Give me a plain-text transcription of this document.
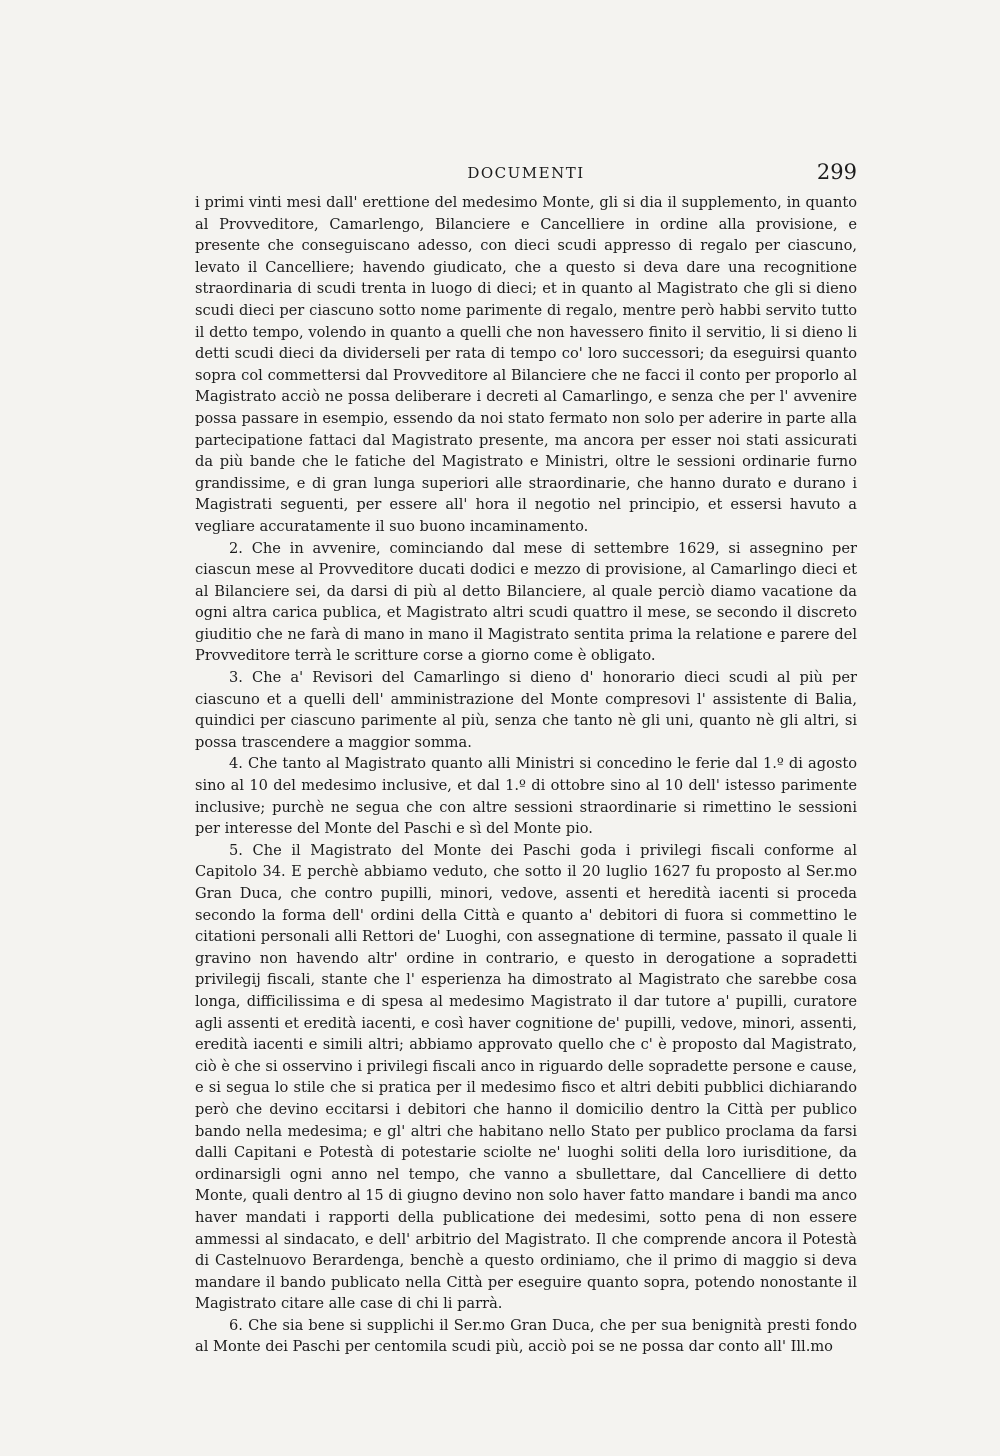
DOCUMENTI	299

i primi vinti mesi dall' erettione del medesimo Monte, gli si dia il supplemento, in quanto al Provveditore, Camarlengo, Bilanciere e Cancelliere in ordine alla provisione, e presente che conseguiscano adesso, con dieci scudi appresso di regalo per ciascuno, levato il Cancelliere; havendo giudicato, che a questo si deva dare una recognitione straordinaria di scudi trenta in luogo di dieci; et in quanto al Magistrato che gli si dieno scudi dieci per ciascuno sotto nome parimente di regalo, mentre però habbi servito tutto il detto tempo, volendo in quanto a quelli che non havessero finito il servitio, li si dieno li detti scudi dieci da dividerseli per rata di tempo co' loro successori; da eseguirsi quanto sopra col commettersi dal Provveditore al Bilanciere che ne facci il conto per proporlo al Magistrato acciò ne possa deliberare i decreti al Camarlingo, e senza che per l' avvenire possa passare in esempio, essendo da noi stato fermato non solo per aderire in parte alla partecipatione fattaci dal Magistrato presente, ma ancora per esser noi stati assicurati da più bande che le fatiche del Magistrato e Ministri, oltre le sessioni ordinarie furno grandissime, e di gran lunga superiori alle straordinarie, che hanno durato e durano i Magistrati seguenti, per essere all' hora il negotio nel principio, et essersi havuto a vegliare accuratamente il suo buono incaminamento.

2. Che in avvenire, cominciando dal mese di settembre 1629, si assegnino per ciascun mese al Provveditore ducati dodici e mezzo di provisione, al Camarlingo dieci et al Bilanciere sei, da darsi di più al detto Bilanciere, al quale perciò diamo vacatione da ogni altra carica publica, et Magistrato altri scudi quattro il mese, se secondo il discreto giuditio che ne farà di mano in mano il Magistrato sentita prima la relatione e parere del Provveditore terrà le scritture corse a giorno come è obligato.

3. Che a' Revisori del Camarlingo si dieno d' honorario dieci scudi al più per ciascuno et a quelli dell' amministrazione del Monte compresovi l' assistente di Balia, quindici per ciascuno parimente al più, senza che tanto nè gli uni, quanto nè gli altri, si possa trascendere a maggior somma.

4. Che tanto al Magistrato quanto alli Ministri si concedino le ferie dal 1.º di agosto sino al 10 del medesimo inclusive, et dal 1.º di ottobre sino al 10 dell' istesso parimente inclusive; purchè ne segua che con altre sessioni straordinarie si rimettino le sessioni per interesse del Monte del Paschi e sì del Monte pio.

5. Che il Magistrato del Monte dei Paschi goda i privilegi fiscali conforme al Capitolo 34. E perchè abbiamo veduto, che sotto il 20 luglio 1627 fu proposto al Ser.mo Gran Duca, che contro pupilli, minori, vedove, assenti et heredità iacenti si proceda secondo la forma dell' ordini della Città e quanto a' debitori di fuora si commettino le citationi personali alli Rettori de' Luoghi, con assegnatione di termine, passato il quale li gravino non havendo altr' ordine in contrario, e questo in derogatione a sopradetti privilegij fiscali, stante che l' esperienza ha dimostrato al Magistrato che sarebbe cosa longa, difficilissima e di spesa al medesimo Magistrato il dar tutore a' pupilli, curatore agli assenti et eredità iacenti, e così haver cognitione de' pupilli, vedove, minori, assenti, eredità iacenti e simili altri; abbiamo approvato quello che c' è proposto dal Magistrato, ciò è che si osservino i privilegi fiscali anco in riguardo delle sopradette persone e cause, e si segua lo stile che si pratica per il medesimo fisco et altri debiti pubblici dichiarando però che devino eccitarsi i debitori che hanno il domicilio dentro la Città per publico bando nella medesima; e gl' altri che habitano nello Stato per publico proclama da farsi dalli Capitani e Potestà di potestarie sciolte ne' luoghi soliti della loro iurisditione, da ordinarsigli ogni anno nel tempo, che vanno a sbullettare, dal Cancelliere di detto Monte, quali dentro al 15 di giugno devino non solo haver fatto mandare i bandi ma anco haver mandati i rapporti della publicatione dei medesimi, sotto pena di non essere ammessi al sindacato, e dell' arbitrio del Magistrato. Il che comprende ancora il Potestà di Castelnuovo Berardenga, benchè a questo ordiniamo, che il primo di maggio si deva mandare il bando publicato nella Città per eseguire quanto sopra, potendo nonostante il Magistrato citare alle case di chi li parrà.

6. Che sia bene si supplichi il Ser.mo Gran Duca, che per sua benignità presti fondo al Monte dei Paschi per centomila scudi più, acciò poi se ne possa dar conto all' Ill.mo
